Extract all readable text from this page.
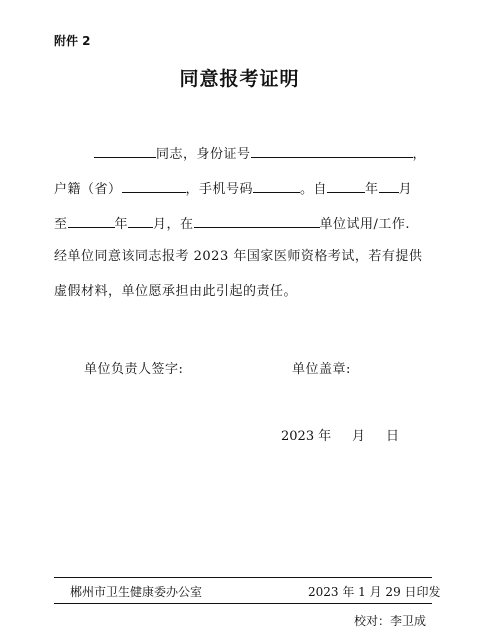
附件 2
同意报考证明
同志，身份证号	，
户籍（省）	，手机号码	。自	年 月
至	年 月，在	单位试用/工作.
经单位同意该同志报考 2023 年国家医师资格考试，若有提供
虚假材料，单位愿承担由此引起的责任。
单位负责人签字:	单位盖章:
2023 年 月 日
郴州市卫生健康委办公室	2023 年 1 月 29 日印发
校对：李卫成
